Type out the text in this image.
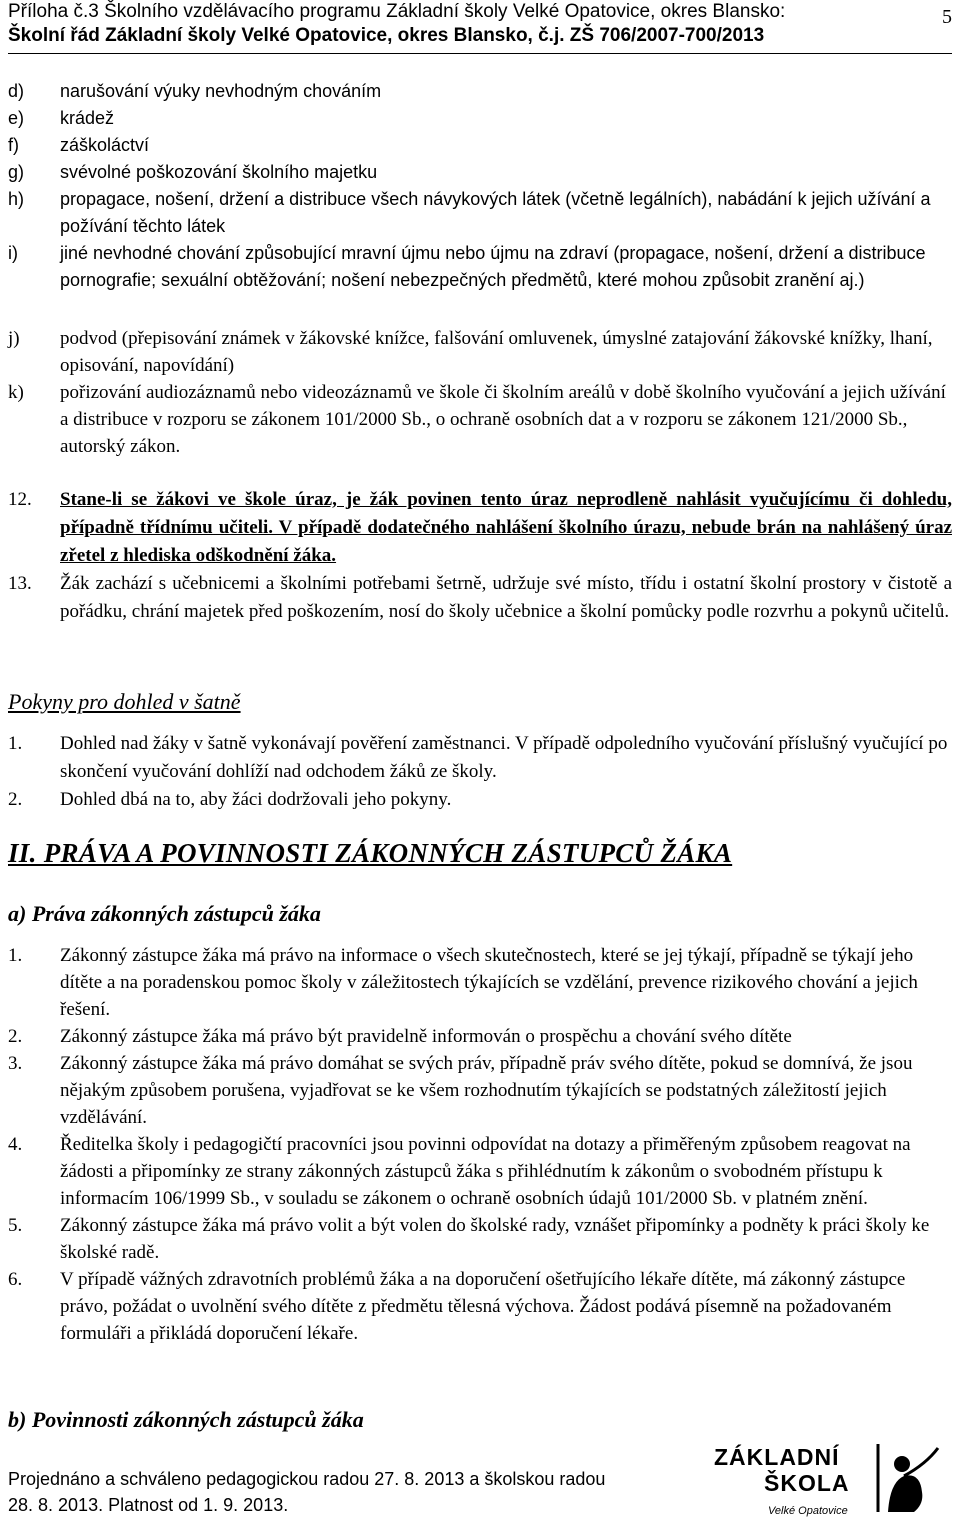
Příloha č.3 Školního vzdělávacího programu Základní školy Velké Opatovice, okres Blansko:
Školní řád Základní školy Velké Opatovice, okres Blansko, č.j. ZŠ 706/2007-700/2013
5
d) narušování výuky nevhodným chováním
e) krádež
f) záškoláctví
g) svévolné poškozování školního majetku
h) propagace, nošení, držení a distribuce všech návykových látek (včetně legálních), nabádání k jejich užívání a požívání těchto látek
i) jiné nevhodné chování způsobující mravní újmu nebo újmu na zdraví (propagace, nošení, držení a distribuce pornografie; sexuální obtěžování; nošení nebezpečných předmětů, které mohou způsobit zranění aj.)
j) podvod (přepisování známek v žákovské knížce, falšování omluvenek, úmyslné zatajování žákovské knížky, lhaní, opisování, napovídání)
k) pořizování audiozáznamů nebo videozáznamů ve škole či školním areálů v době školního vyučování a jejich užívání a distribuce v rozporu se zákonem 101/2000 Sb., o ochraně osobních dat a v rozporu se zákonem 121/2000 Sb., autorský zákon.
12. Stane-li se žákovi ve škole úraz, je žák povinen tento úraz neprodleně nahlásit vyučujícímu či dohledu, případně třídnímu učiteli. V případě dodatečného nahlášení školního úrazu, nebude brán na nahlášený úraz zřetel z hlediska odškodnění žáka.
13. Žák zachází s učebnicemi a školními potřebami šetrně, udržuje své místo, třídu i ostatní školní prostory v čistotě a pořádku, chrání majetek před poškozením, nosí do školy učebnice a školní pomůcky podle rozvrhu a pokynů učitelů.
Pokyny pro dohled v šatně
1. Dohled nad žáky v šatně vykonávají pověření zaměstnanci. V případě odpoledního vyučování příslušný vyučující po skončení vyučování dohlíží nad odchodem žáků ze školy.
2. Dohled dbá na to, aby žáci dodržovali jeho pokyny.
II. PRÁVA A POVINNOSTI ZÁKONNÝCH ZÁSTUPCŮ ŽÁKA
a) Práva zákonných zástupců žáka
1. Zákonný zástupce žáka má právo na informace o všech skutečnostech, které se jej týkají, případně se týkají jeho dítěte a na poradenskou pomoc školy v záležitostech týkajících se vzdělání, prevence rizikového chování a jejich řešení.
2. Zákonný zástupce žáka má právo být pravidelně informován o prospěchu a chování svého dítěte
3. Zákonný zástupce žáka má právo domáhat se svých práv, případně práv svého dítěte, pokud se domnívá, že jsou nějakým způsobem porušena, vyjadřovat se ke všem rozhodnutím týkajících se podstatných záležitostí jejich vzdělávání.
4. Ředitelka školy i pedagogičtí pracovníci jsou povinni odpovídat na dotazy a přiměřeným způsobem reagovat na žádosti a připomínky ze strany zákonných zástupců žáka s přihlédnutím k zákonům o svobodném přístupu k informacím 106/1999 Sb., v souladu se zákonem o ochraně osobních údajů 101/2000 Sb. v platném znění.
5. Zákonný zástupce žáka má právo volit a být volen do školské rady, vznášet připomínky a podněty k práci školy ke školské radě.
6. V případě vážných zdravotních problémů žáka a na doporučení ošetřujícího lékaře dítěte, má zákonný zástupce právo, požádat o uvolnění svého dítěte z předmětu tělesná výchova. Žádost podává písemně na požadovaném formuláři a přikládá doporučení lékaře.
b) Povinnosti zákonných zástupců žáka
Projednáno a schváleno pedagogickou radou 27. 8. 2013 a školskou radou
28. 8. 2013. Platnost od 1. 9. 2013.
ZÁKLADNÍ
ŠKOLA
Velké Opatovice
